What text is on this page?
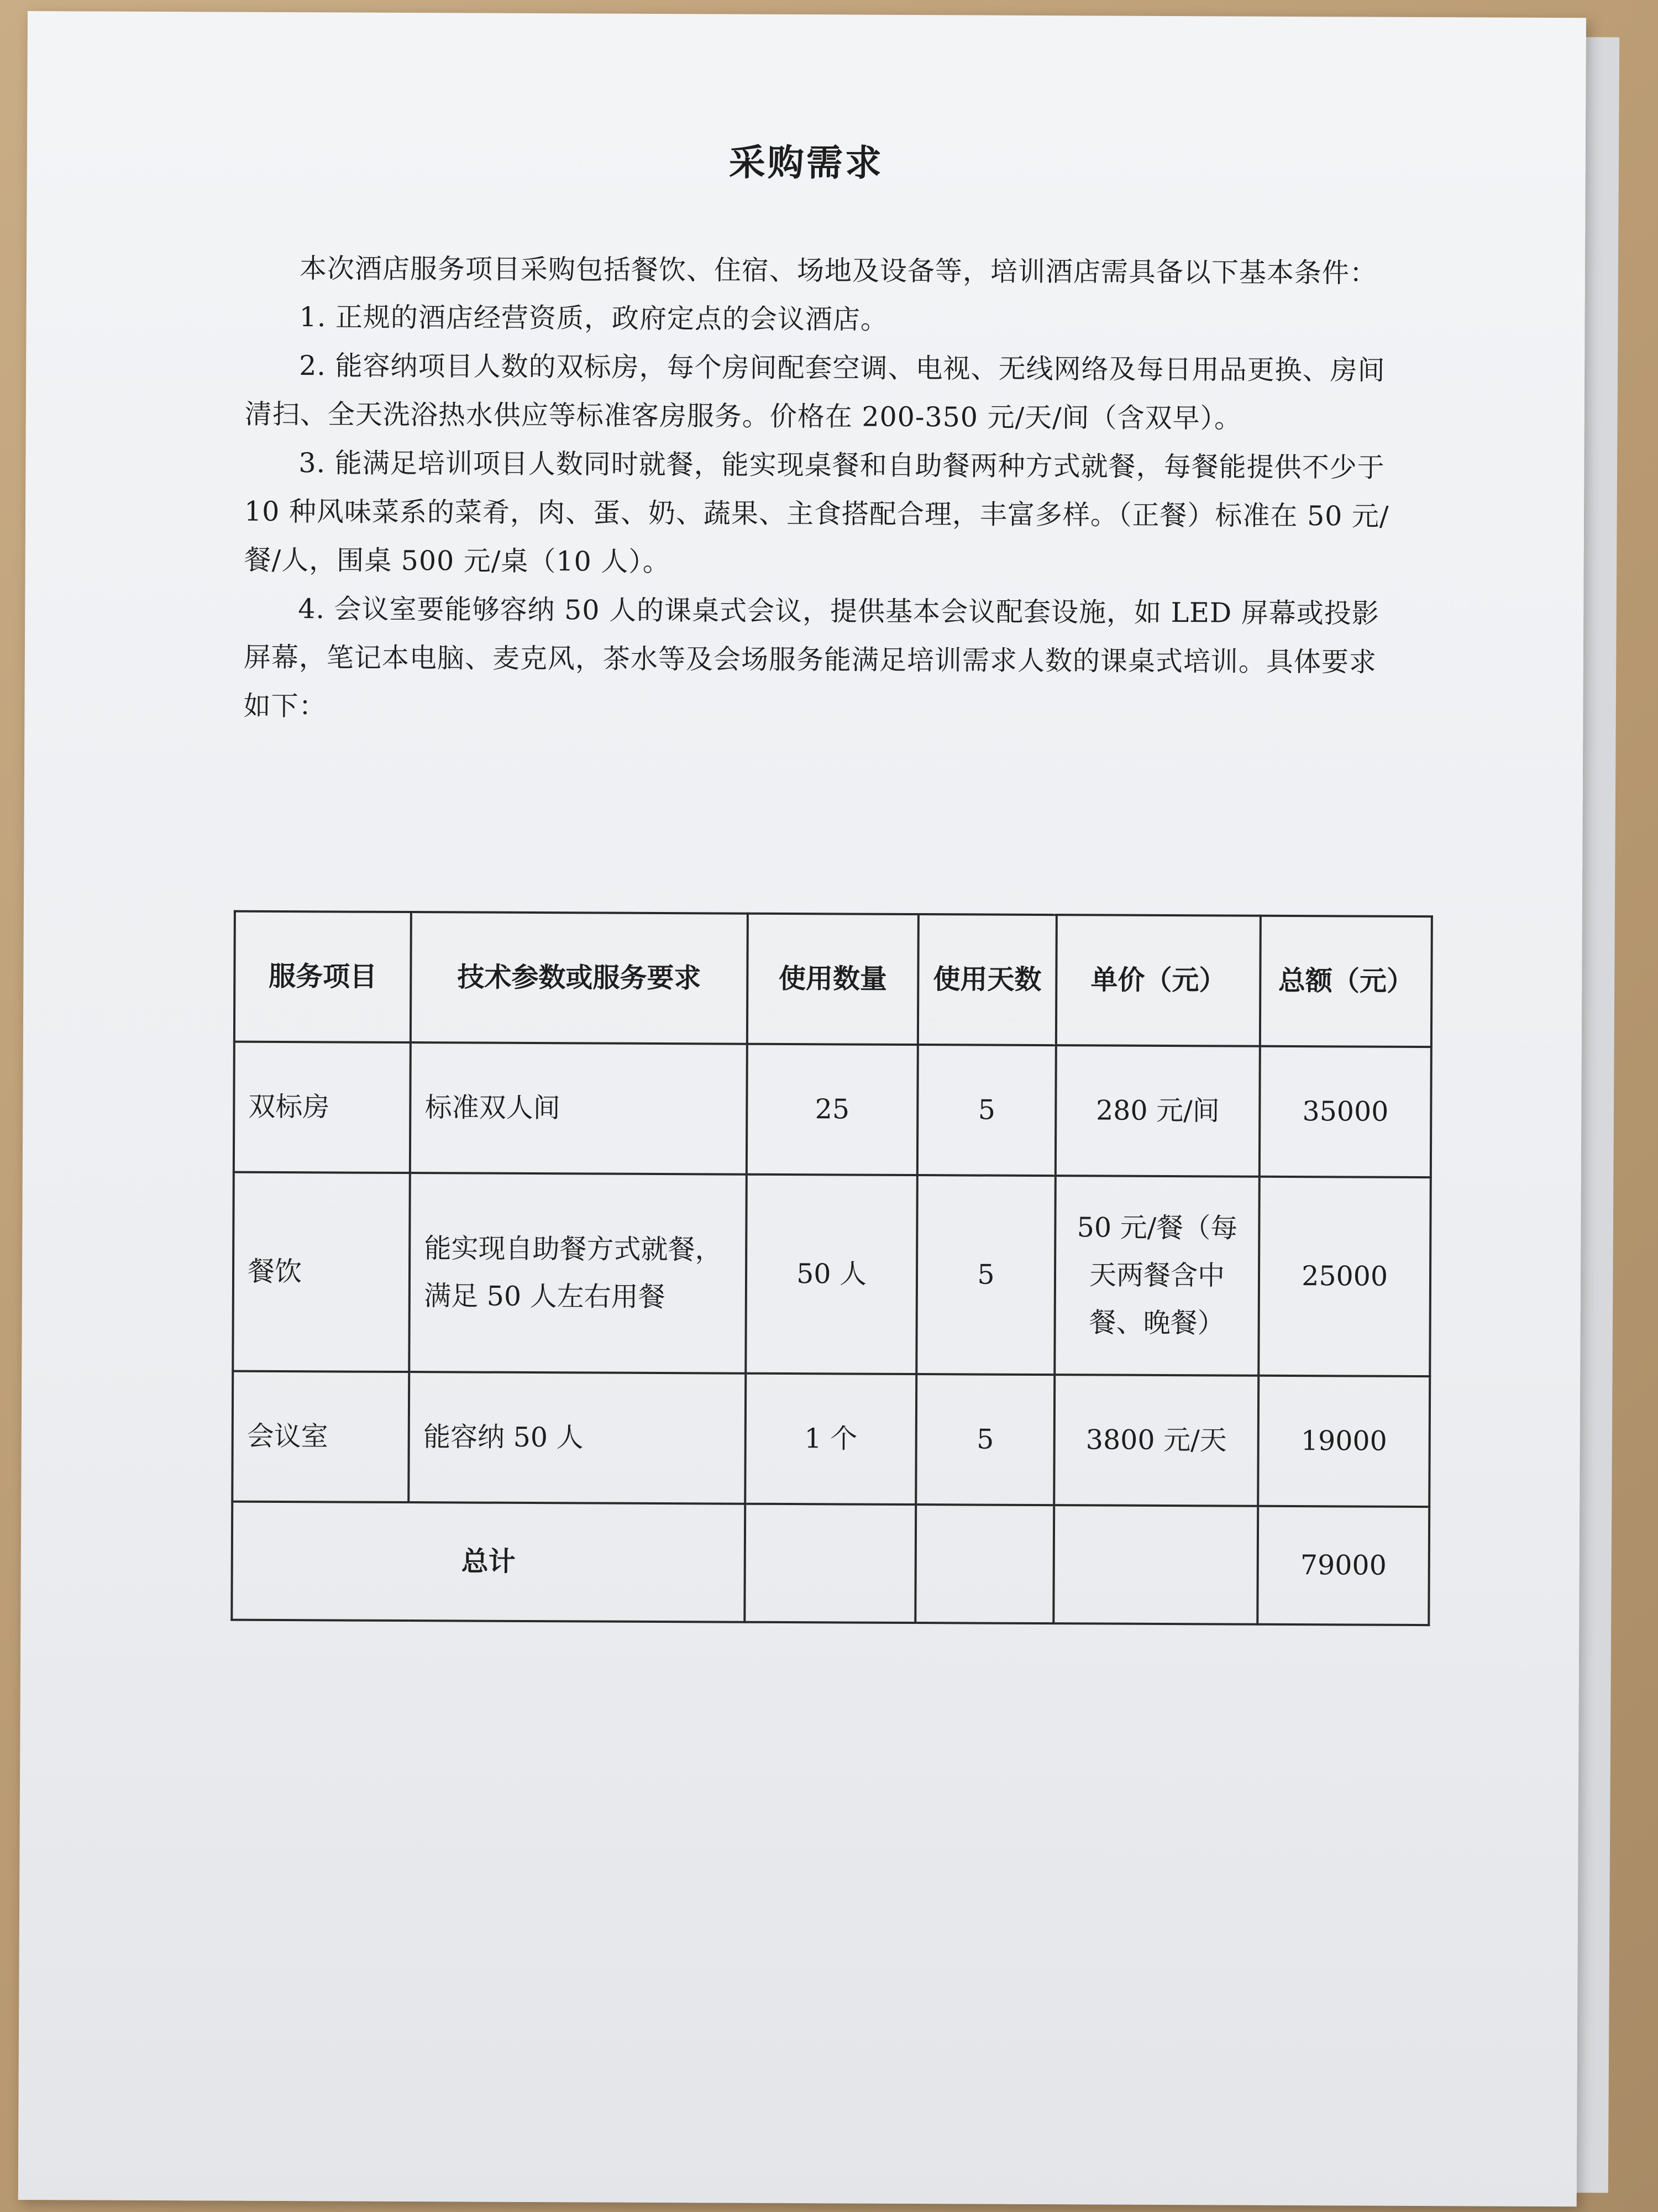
采购需求

本次酒店服务项目采购包括餐饮、住宿、场地及设备等，培训酒店需具备以下基本条件：

1. 正规的酒店经营资质，政府定点的会议酒店。

2. 能容纳项目人数的双标房，每个房间配套空调、电视、无线网络及每日用品更换、房间清扫、全天洗浴热水供应等标准客房服务。价格在 200-350 元/天/间（含双早）。

3. 能满足培训项目人数同时就餐，能实现桌餐和自助餐两种方式就餐，每餐能提供不少于 10 种风味菜系的菜肴，肉、蛋、奶、蔬果、主食搭配合理，丰富多样。（正餐）标准在 50 元/餐/人，围桌 500 元/桌（10 人）。

4. 会议室要能够容纳 50 人的课桌式会议，提供基本会议配套设施，如 LED 屏幕或投影屏幕，笔记本电脑、麦克风，茶水等及会场服务能满足培训需求人数的课桌式培训。具体要求如下：

服务项目	技术参数或服务要求	使用数量	使用天数	单价（元）	总额（元）
双标房	标准双人间	25	5	280 元/间	35000
餐饮	能实现自助餐方式就餐，满足 50 人左右用餐	50 人	5	50 元/餐（每天两餐含中餐、晚餐）	25000
会议室	能容纳 50 人	1 个	5	3800 元/天	19000
总计					79000
